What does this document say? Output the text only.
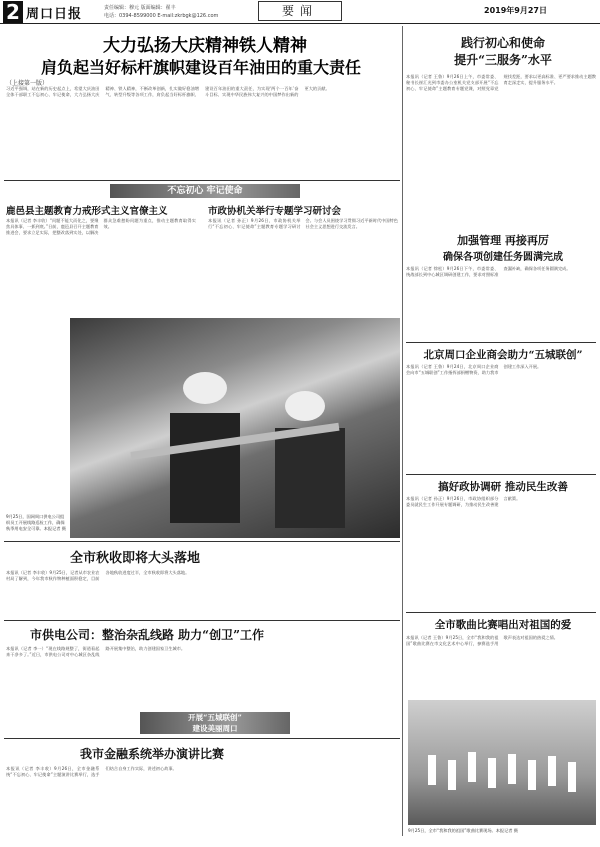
2 周口日报	责任编辑：穆元 版面编辑：翟丰
电话：0394-8599000 E-mail:zkrbgk@126.com	要闻	2019年9月27日
大力弘扬大庆精神铁人精神
肩负起当好标杆旗帜建设百年油田的重大责任
（上接第一版）
习近平强调，站在新的历史起点上，希望大庆油田全体干部职工不忘初心、牢记使命，大力弘扬大庆精神、铁人精神，不断改革创新，扎实做好稳油增气、转型升级等各项工作，肩负起当好标杆旗帜、建设百年油田的重大责任，为实现‘两个一百年’奋斗目标、实现中华民族伟大复兴的中国梦作出新的更大的贡献。
践行初心和使命
提升“三服务”水平
本报讯（记者 王鲁）9月26日上午，市委常委、秘书长崔汇光到市委办公室机关党支部开展“不忘初心、牢记使命”主题教育专题党课，对照党章党规找差距，要求以更高标准、更严要求推动主题教育走深走实，提升服务水平。
不忘初心 牢记使命
鹿邑县主题教育力戒形式主义官僚主义
本报讯（记者 李丰收）“问题不能大而化之，要聚焦具体事、一抓到底。”日前，鹿邑县召开主题教育推进会，要求立足实际，把整改落到实处，以解决群众急难愁盼问题为重点，推动主题教育取得实效。
市政协机关举行专题学习研讨会
本报讯（记者 孙正）9月26日，市政协机关举行“不忘初心、牢记使命”主题教育专题学习研讨会。与会人员围绕学习贯彻习近平新时代中国特色社会主义思想进行交流发言。
9月25日，国网周口供电公司组织员工开展线路巡检工作，确保秋季用电安全可靠。本报记者 摄
加强管理 再接再厉
确保各项创建任务圆满完成
本报讯（记者 徐松）9月26日下午，市委常委、统战部长到中心城区调研创建工作，要求对照标准查漏补缺，确保各项任务圆满完成。
北京周口企业商会助力“五城联创”
本报讯（记者 王鲁）9月24日，北京周口企业商会向市“五城联创”工作指挥部捐赠物资，助力我市创建工作深入开展。
搞好政协调研 推动民生改善
本报讯（记者 孙正）9月26日，市政协组织部分委员就民生工作开展专题调研，为推动民生改善建言献策。
全市秋收即将大头落地
本报讯（记者 李丰收）9月25日，记者从市农业农村局了解到，今年我市秋作物种植面积稳定，目前各地秋收进度过半，全市秋收即将大头落地。
市供电公司：整治杂乱线路 助力“创卫”工作
本报讯（记者 李一）“现在线路规整了，街道看起来干净多了。”近日，市供电公司对中心城区杂乱线路开展集中整治，助力创建国家卫生城市。
开展“五城联创”
建设美丽周口
我市金融系统举办演讲比赛
本报讯（记者 李丰收）9月26日，全市金融系统“不忘初心、牢记使命”主题演讲比赛举行，选手们结合自身工作实际，讲述初心故事。
全市歌曲比赛唱出对祖国的爱
本报讯（记者 王鲁）9月25日，全市“我和我的祖国”歌曲比赛在市文化艺术中心举行，参赛选手用歌声表达对祖国的热爱之情。
9月25日，全市“我和我的祖国”歌曲比赛现场。本报记者 摄
